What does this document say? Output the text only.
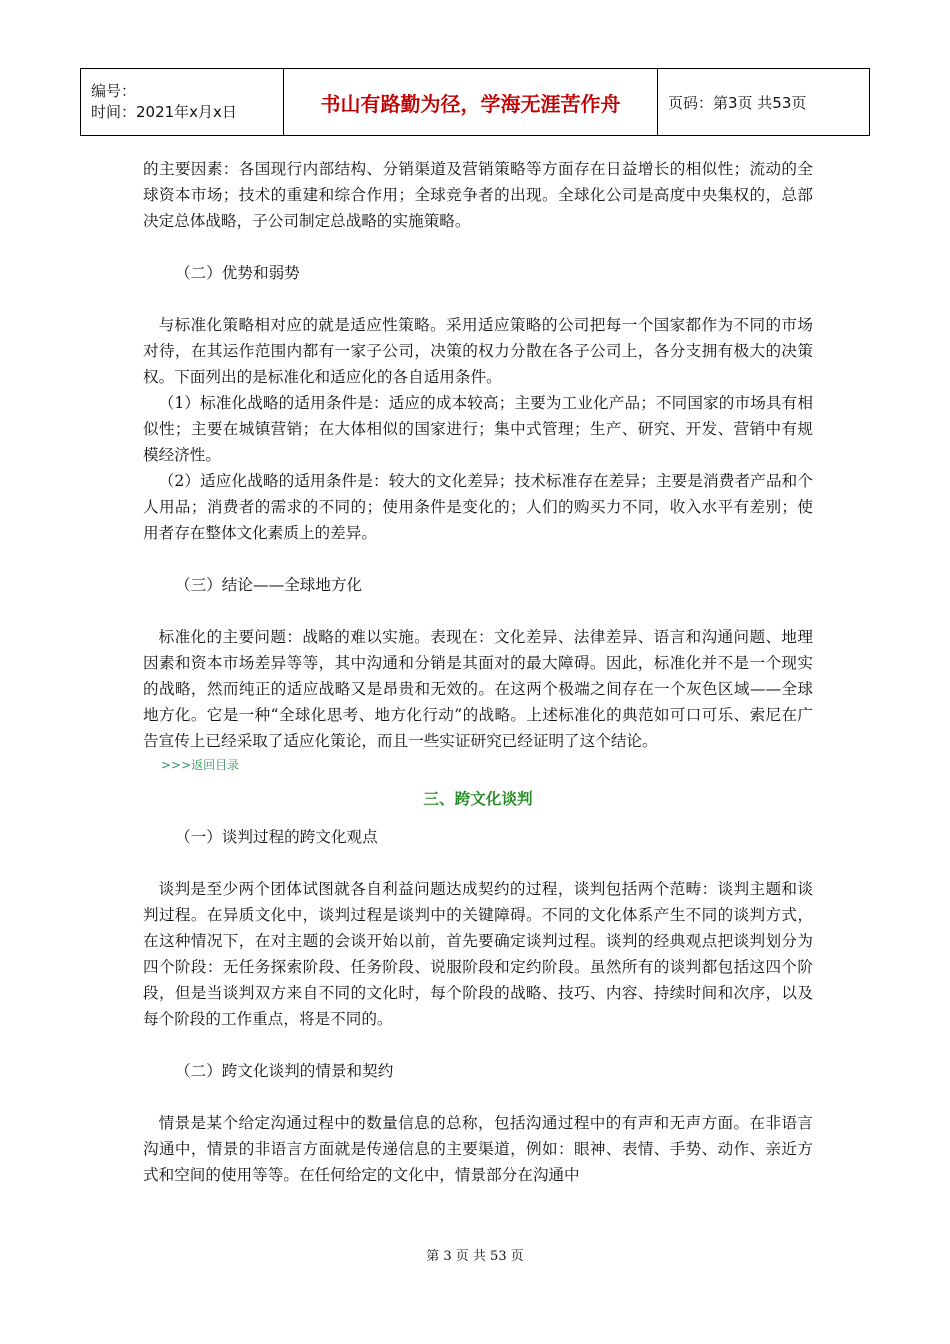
编号：
时间：2021年x月x日	书山有路勤为径，学海无涯苦作舟	页码：第3页 共53页

的主要因素：各国现行内部结构、分销渠道及营销策略等方面存在日益增长的相似性；流动的全球资本市场；技术的重建和综合作用；全球竞争者的出现。全球化公司是高度中央集权的，总部决定总体战略，子公司制定总战略的实施策略。

（二）优势和弱势

与标准化策略相对应的就是适应性策略。采用适应策略的公司把每一个国家都作为不同的市场对待，在其运作范围内都有一家子公司，决策的权力分散在各子公司上，各分支拥有极大的决策权。下面列出的是标准化和适应化的各自适用条件。

（1）标准化战略的适用条件是：适应的成本较高；主要为工业化产品；不同国家的市场具有相似性；主要在城镇营销；在大体相似的国家进行；集中式管理；生产、研究、开发、营销中有规模经济性。

（2）适应化战略的适用条件是：较大的文化差异；技术标准存在差异；主要是消费者产品和个人用品；消费者的需求的不同的；使用条件是变化的；人们的购买力不同，收入水平有差别；使用者存在整体文化素质上的差异。

（三）结论——全球地方化

标准化的主要问题：战略的难以实施。表现在：文化差异、法律差异、语言和沟通问题、地理因素和资本市场差异等等，其中沟通和分销是其面对的最大障碍。因此，标准化并不是一个现实的战略，然而纯正的适应战略又是昂贵和无效的。在这两个极端之间存在一个灰色区域——全球地方化。它是一种“全球化思考、地方化行动”的战略。上述标准化的典范如可口可乐、索尼在广告宣传上已经采取了适应化策论，而且一些实证研究已经证明了这个结论。

>>>返回目录
三、跨文化谈判
（一）谈判过程的跨文化观点

谈判是至少两个团体试图就各自利益问题达成契约的过程，谈判包括两个范畴：谈判主题和谈判过程。在异质文化中，谈判过程是谈判中的关键障碍。不同的文化体系产生不同的谈判方式，在这种情况下，在对主题的会谈开始以前，首先要确定谈判过程。谈判的经典观点把谈判划分为四个阶段：无任务探索阶段、任务阶段、说服阶段和定约阶段。虽然所有的谈判都包括这四个阶段，但是当谈判双方来自不同的文化时，每个阶段的战略、技巧、内容、持续时间和次序，以及每个阶段的工作重点，将是不同的。

（二）跨文化谈判的情景和契约

情景是某个给定沟通过程中的数量信息的总称，包括沟通过程中的有声和无声方面。在非语言沟通中，情景的非语言方面就是传递信息的主要渠道，例如：眼神、表情、手势、动作、亲近方式和空间的使用等等。在任何给定的文化中，情景部分在沟通中

第 3 页 共 53 页
